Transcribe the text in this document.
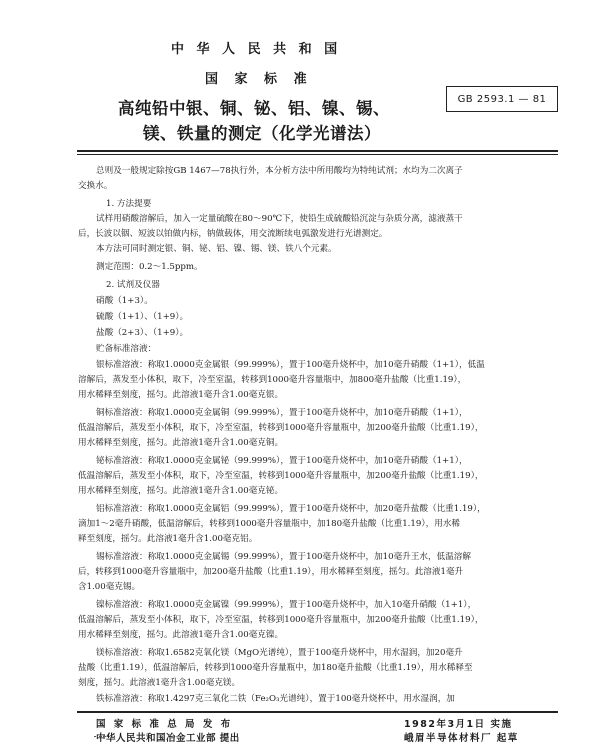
中 华 人 民 共 和 国
国 家 标 准
高纯铅中银、铜、铋、铝、镍、锡、
镁、铁量的测定（化学光谱法）
GB 2593.1 — 81
总则及一般规定除按GB 1467—78执行外，本分析方法中所用酸均为特纯试剂；水均为二次离子
交换水。
1. 方法提要
试样用硝酸溶解后，加入一定量硫酸在80～90℃下，使铅生成硫酸铅沉淀与杂质分离，滤液蒸干
后，长波以铟、短波以铂做内标，钠做载体，用交流断续电弧激发进行光谱测定。
本方法可同时测定银、铜、铋、铝、镍、锡、镁、铁八个元素。
测定范围：0.2～1.5ppm。
2. 试剂及仪器
硝酸（1+3）。
硫酸（1+1）、（1+9）。
盐酸（2+3）、（1+9）。
贮备标准溶液：
银标准溶液：称取1.0000克金属银（99.999%），置于100毫升烧杯中，加10毫升硝酸（1+1），低温
溶解后，蒸发至小体积，取下，冷至室温，转移到1000毫升容量瓶中，加800毫升盐酸（比重1.19），
用水稀释至刻度，摇匀。此溶液1毫升含1.00毫克银。
铜标准溶液：称取1.0000克金属铜（99.999%），置于100毫升烧杯中，加10毫升硝酸（1+1），
低温溶解后，蒸发至小体积，取下，冷至室温，转移到1000毫升容量瓶中，加200毫升盐酸（比重1.19），
用水稀释至刻度，摇匀。此溶液1毫升含1.00毫克铜。
铋标准溶液：称取1.0000克金属铋（99.999%），置于100毫升烧杯中，加10毫升硝酸（1+1），
低温溶解后，蒸发至小体积，取下，冷至室温，转移到1000毫升容量瓶中，加200毫升盐酸（比重1.19），
用水稀释至刻度，摇匀。此溶液1毫升含1.00毫克铋。
铝标准溶液：称取1.0000克金属铝（99.999%），置于100毫升烧杯中，加20毫升盐酸（比重1.19），
滴加1～2毫升硝酸，低温溶解后，转移到1000毫升容量瓶中，加180毫升盐酸（比重1.19），用水稀
释至刻度，摇匀。此溶液1毫升含1.00毫克铝。
锡标准溶液：称取1.0000克金属锡（99.999%），置于100毫升烧杯中，加10毫升王水，低温溶解
后，转移到1000毫升容量瓶中，加200毫升盐酸（比重1.19），用水稀释至刻度，摇匀。此溶液1毫升
含1.00毫克锡。
镍标准溶液：称取1.0000克金属镍（99.999%），置于100毫升烧杯中，加入10毫升硝酸（1+1），
低温溶解后，蒸发至小体积，取下，冷至室温，转移到1000毫升容量瓶中，加200毫升盐酸（比重1.19），
用水稀释至刻度，摇匀。此溶液1毫升含1.00毫克镍。
镁标准溶液：称取1.6582克氧化镁（MgO光谱纯），置于100毫升烧杯中，用水湿润，加20毫升
盐酸（比重1.19），低温溶解后，转移到1000毫升容量瓶中，加180毫升盐酸（比重1.19），用水稀释至
刻度，摇匀。此溶液1毫升含1.00毫克镁。
铁标准溶液：称取1.4297克三氧化二铁（Fe₂O₃光谱纯），置于100毫升烧杯中，用水湿润，加
国 家 标 准 总 局 发 布
中华人民共和国冶金工业部 提出
1982年3月1日 实施
峨眉半导体材料厂 起草
